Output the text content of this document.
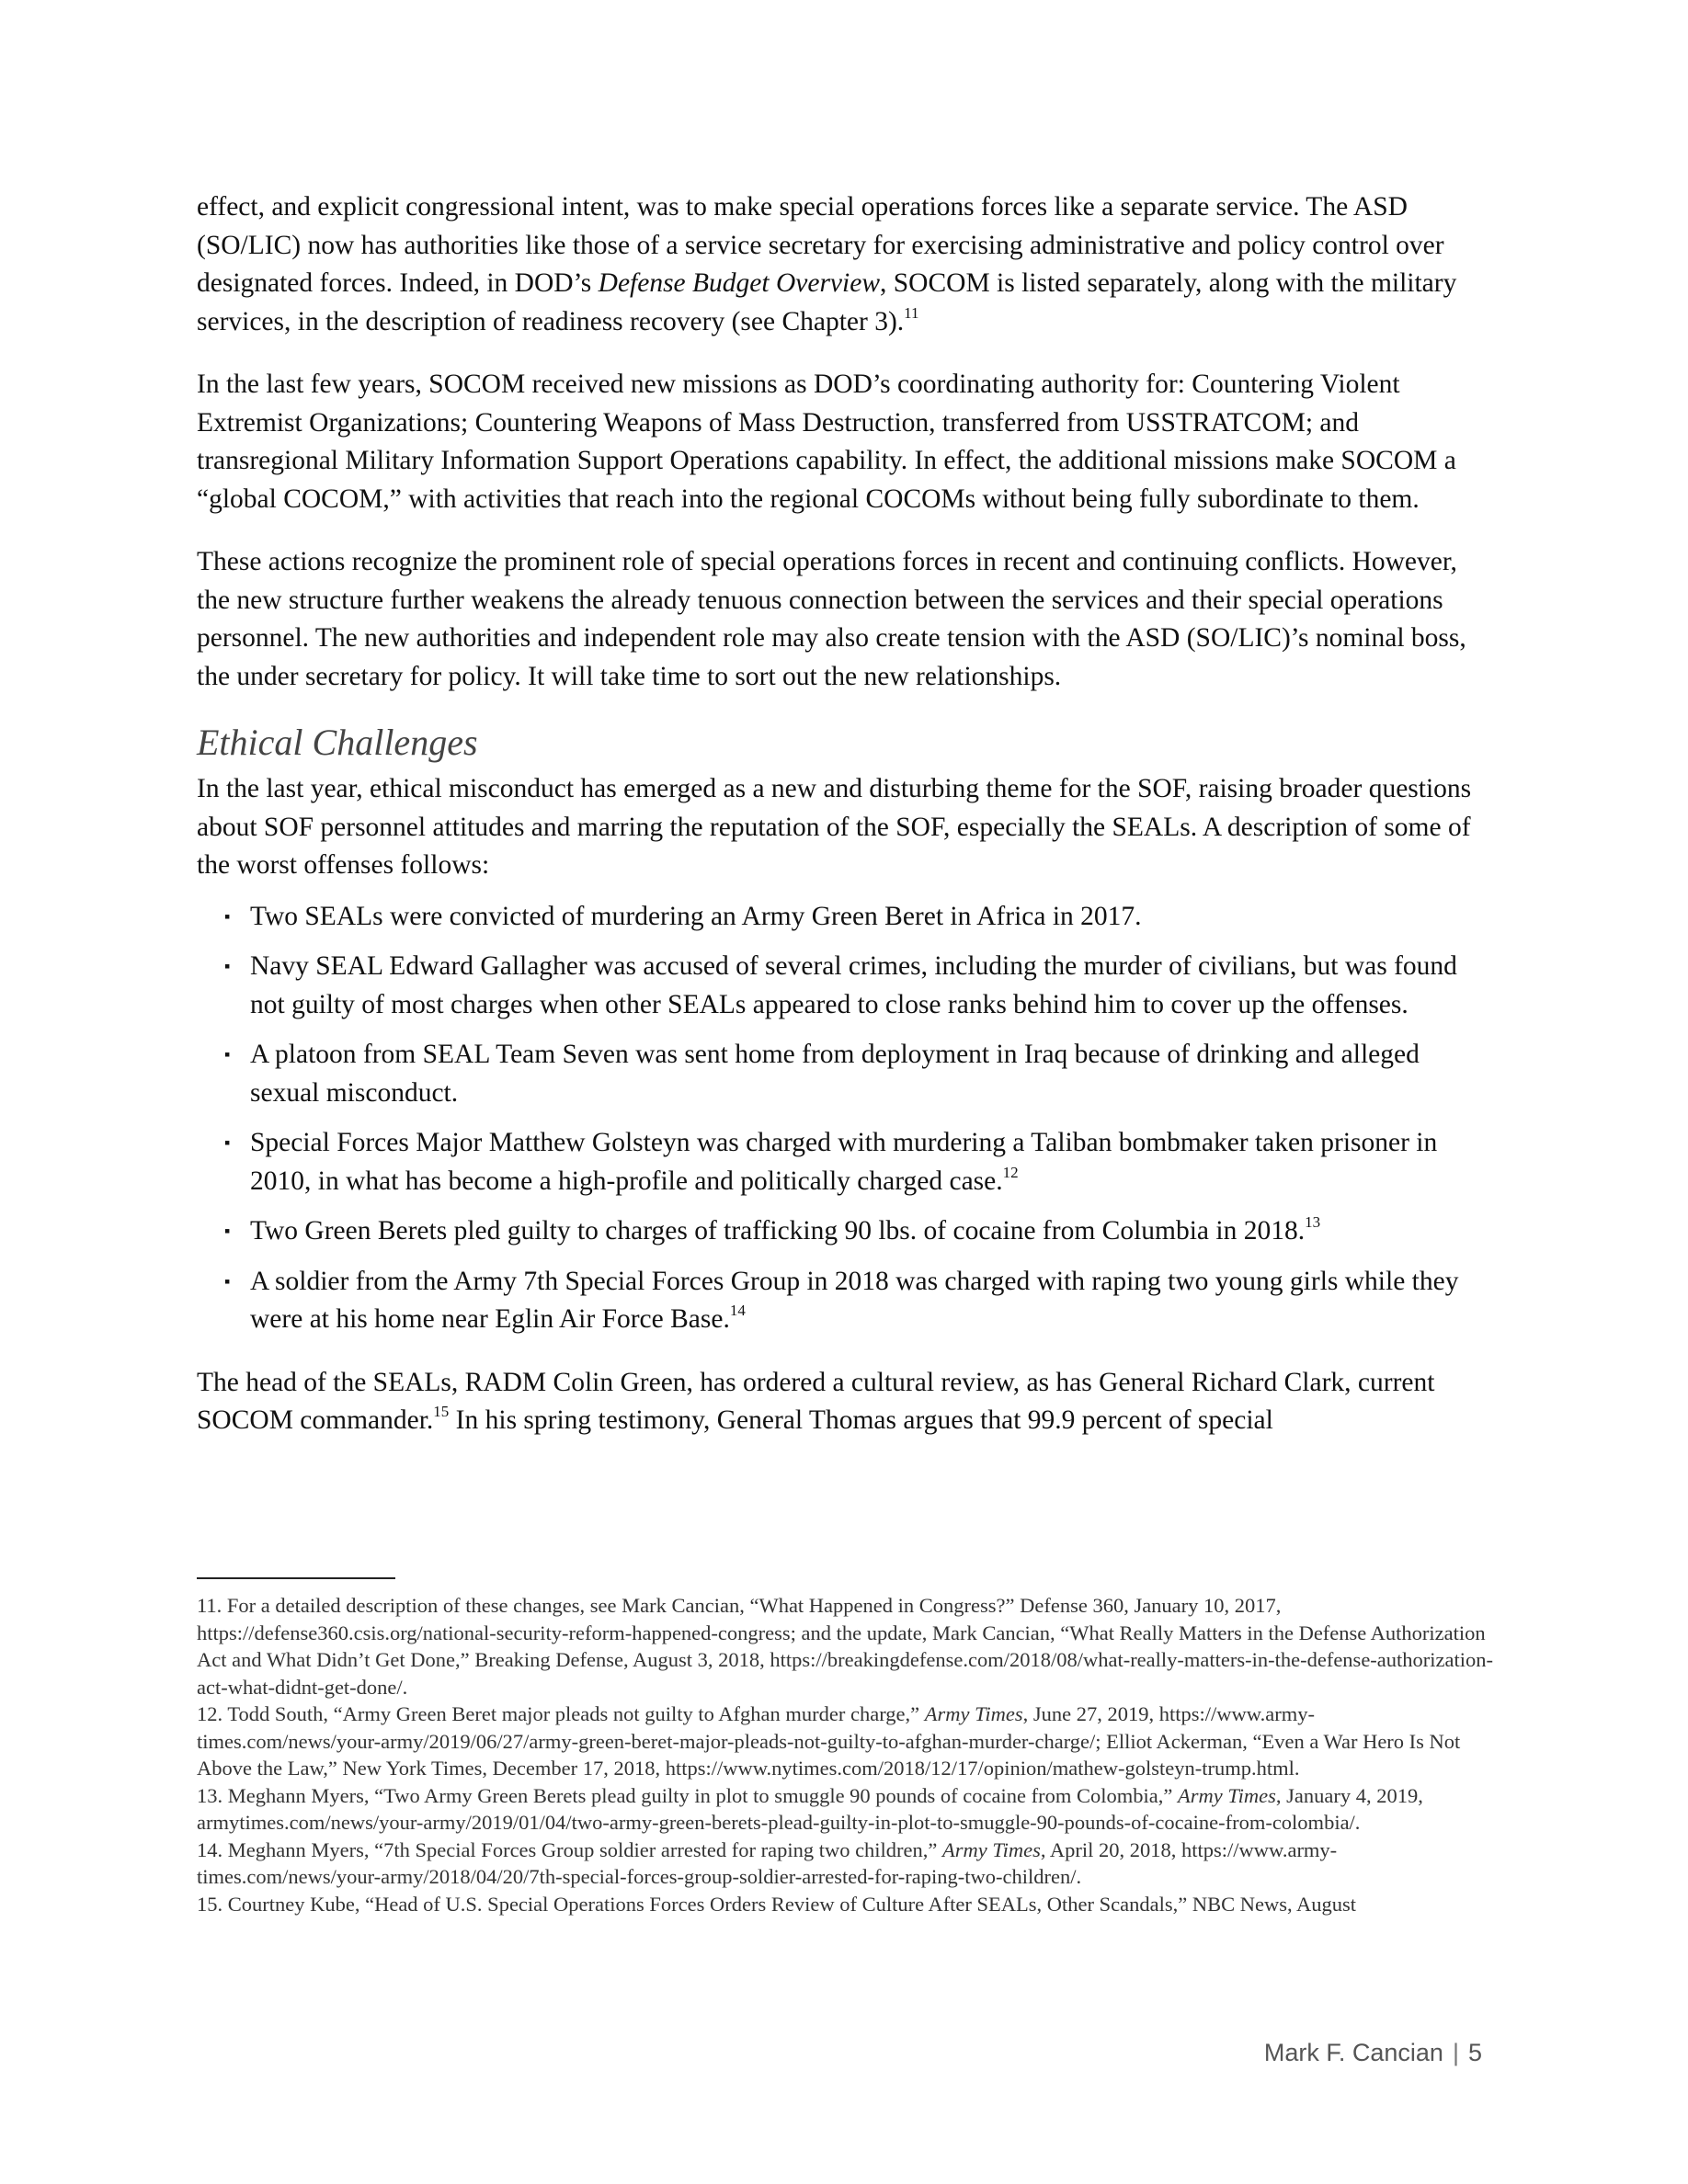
effect, and explicit congressional intent, was to make special operations forces like a separate service. The ASD (SO/LIC) now has authorities like those of a service secretary for exercising administrative and policy control over designated forces. Indeed, in DOD’s Defense Budget Overview, SOCOM is listed separately, along with the military services, in the description of readiness recovery (see Chapter 3).$^{11}$

In the last few years, SOCOM received new missions as DOD’s coordinating authority for: Countering Violent Extremist Organizations; Countering Weapons of Mass Destruction, transferred from USSTRATCOM; and transregional Military Information Support Operations capability. In effect, the additional missions make SOCOM a “global COCOM,” with activities that reach into the regional COCOMs without being fully subordinate to them.

These actions recognize the prominent role of special operations forces in recent and continuing conflicts. However, the new structure further weakens the already tenuous connection between the services and their special operations personnel. The new authorities and independent role may also create tension with the ASD (SO/LIC)’s nominal boss, the under secretary for policy. It will take time to sort out the new relationships.

Ethical Challenges

In the last year, ethical misconduct has emerged as a new and disturbing theme for the SOF, raising broader questions about SOF personnel attitudes and marring the reputation of the SOF, especially the SEALs. A description of some of the worst offenses follows:

▪ Two SEALs were convicted of murdering an Army Green Beret in Africa in 2017.
▪ Navy SEAL Edward Gallagher was accused of several crimes, including the murder of civilians, but was found not guilty of most charges when other SEALs appeared to close ranks behind him to cover up the offenses.
▪ A platoon from SEAL Team Seven was sent home from deployment in Iraq because of drinking and alleged sexual misconduct.
▪ Special Forces Major Matthew Golsteyn was charged with murdering a Taliban bombmaker taken prisoner in 2010, in what has become a high-profile and politically charged case.$^{12}$
▪ Two Green Berets pled guilty to charges of trafficking 90 lbs. of cocaine from Columbia in 2018.13
▪ A soldier from the Army 7th Special Forces Group in 2018 was charged with raping two young girls while they were at his home near Eglin Air Force Base.$^{14}$

The head of the SEALs, RADM Colin Green, has ordered a cultural review, as has General Richard Clark, current SOCOM commander.$^{15}$ In his spring testimony, General Thomas argues that 99.9 percent of special

11. For a detailed description of these changes, see Mark Cancian, “What Happened in Congress?” Defense 360, January 10, 2017, https://defense360.csis.org/national-security-reform-happened-congress; and the update, Mark Cancian, “What Really Matters in the Defense Authorization Act and What Didn’t Get Done,” Breaking Defense, August 3, 2018, https://breakingdefense.com/2018/08/what-really-matters-in-the-defense-authorization-act-what-didnt-get-done/.

12. Todd South, “Army Green Beret major pleads not guilty to Afghan murder charge,” Army Times, June 27, 2019, https://www.army-times.com/news/your-army/2019/06/27/army-green-beret-major-pleads-not-guilty-to-afghan-murder-charge/; Elliot Ackerman, “Even a War Hero Is Not Above the Law,” New York Times, December 17, 2018, https://www.nytimes.com/2018/12/17/opinion/mathew-golsteyn-trump.html.

13. Meghann Myers, “Two Army Green Berets plead guilty in plot to smuggle 90 pounds of cocaine from Colombia,” Army Times, January 4, 2019, armytimes.com/news/your-army/2019/01/04/two-army-green-berets-plead-guilty-in-plot-to-smuggle-90-pounds-of-cocaine-from-colombia/.

14. Meghann Myers, “7th Special Forces Group soldier arrested for raping two children,” Army Times, April 20, 2018, https://www.army-times.com/news/your-army/2018/04/20/7th-special-forces-group-soldier-arrested-for-raping-two-children/.

15. Courtney Kube, “Head of U.S. Special Operations Forces Orders Review of Culture After SEALs, Other Scandals,” NBC News, August

Mark F. Cancian | 5
